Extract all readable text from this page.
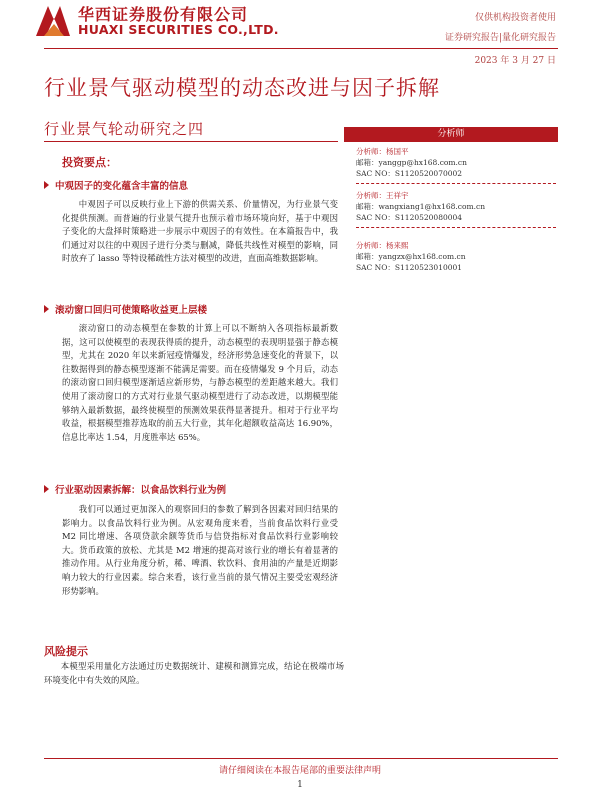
华西证券股份有限公司
HUAXI SECURITIES CO.,LTD.
仅供机构投资者使用
证券研究报告|量化研究报告
2023 年 3 月 27 日
行业景气驱动模型的动态改进与因子拆解
行业景气轮动研究之四	分析师
分析师：杨国平
邮箱：yanggp@hx168.com.cn
SAC NO：S1120520070002
分析师：王祥宇
邮箱：wangxiang1@hx168.com.cn
SAC NO：S1120520080004
分析师：杨来熙
邮箱：yangzx@hx168.com.cn
SAC NO：S1120523010001
投资要点：
中观因子的变化蕴含丰富的信息
中观因子可以反映行业上下游的供需关系、价量情况，为行业景气变化提供预测。而普遍的行业景气提升也预示着市场环境向好，基于中观因子变化的大盘择时策略进一步展示中观因子的有效性。在本篇报告中，我们通过对以往的中观因子进行分类与删减，降低共线性对模型的影响，同时放弃了 lasso 等特设稀疏性方法对模型的改进，直面高维数据影响。
滚动窗口回归可使策略收益更上层楼
滚动窗口的动态模型在参数的计算上可以不断纳入各项指标最新数据，这可以使模型的表现获得质的提升，动态模型的表现明显强于静态模型，尤其在 2020 年以来新冠疫情爆发，经济形势急速变化的背景下，以往数据得到的静态模型逐渐不能满足需要。而在疫情爆发 9 个月后，动态的滚动窗口回归模型逐渐适应新形势，与静态模型的差距越来越大。我们使用了滚动窗口的方式对行业景气驱动模型进行了动态改进，以期模型能够纳入最新数据，最终使模型的预测效果获得显著提升。相对于行业平均收益，根据模型推荐选取的前五大行业，其年化超额收益高达 16.90%，信息比率达 1.54，月度胜率达 65%。
行业驱动因素拆解：以食品饮料行业为例
我们可以通过更加深入的观察回归的参数了解到各因素对回归结果的影响力。以食品饮料行业为例。从宏观角度来看，当前食品饮料行业受 M2 同比增速、各项贷款余额等货币与信贷指标对食品饮料行业影响较大。货币政策的放松、尤其是 M2 增速的提高对该行业的增长有着显著的推动作用。从行业角度分析，稀、啤酒、软饮料、食用油的产量是近期影响力较大的行业因素。综合来看，该行业当前的景气情况主要受宏观经济形势影响。
风险提示
本模型采用量化方法通过历史数据统计、建模和测算完成，结论在极端市场环境变化中有失效的风险。
请仔细阅读在本报告尾部的重要法律声明
1
